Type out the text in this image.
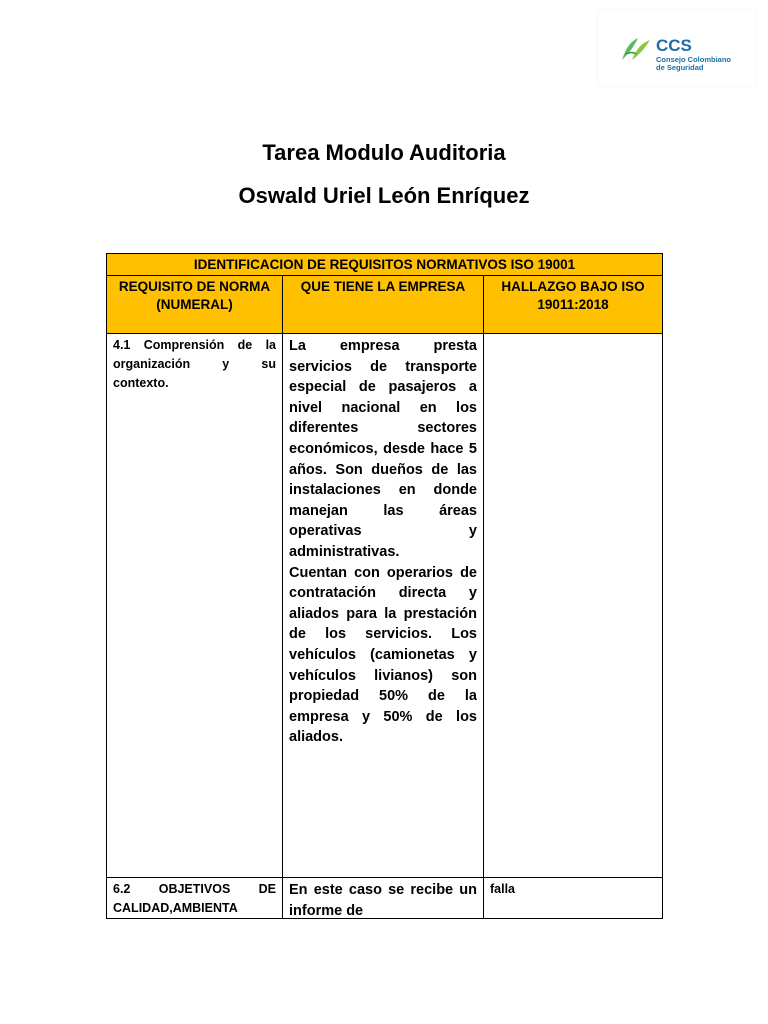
CCS
Consejo Colombiano
de Seguridad
Tarea Modulo Auditoria
Oswald Uriel León Enríquez
IDENTIFICACION DE REQUISITOS NORMATIVOS ISO 19001		
REQUISITO DE NORMA (NUMERAL)	QUE TIENE LA EMPRESA	HALLAZGO BAJO ISO 19011:2018
4.1 Comprensión de la organización y su contexto.	La empresa presta servicios de transporte especial de pasajeros a nivel nacional en los diferentes sectores económicos, desde hace 5 años. Son dueños de las instalaciones en donde manejan las áreas operativas y administrativas.
Cuentan con operarios de contratación directa y aliados para la prestación de los servicios. Los vehículos (camionetas y vehículos livianos) son propiedad 50% de la empresa y 50% de los aliados.	

6.2 OBJETIVOS DE CALIDAD,AMBIENTA	En este caso se recibe un informe de	falla
